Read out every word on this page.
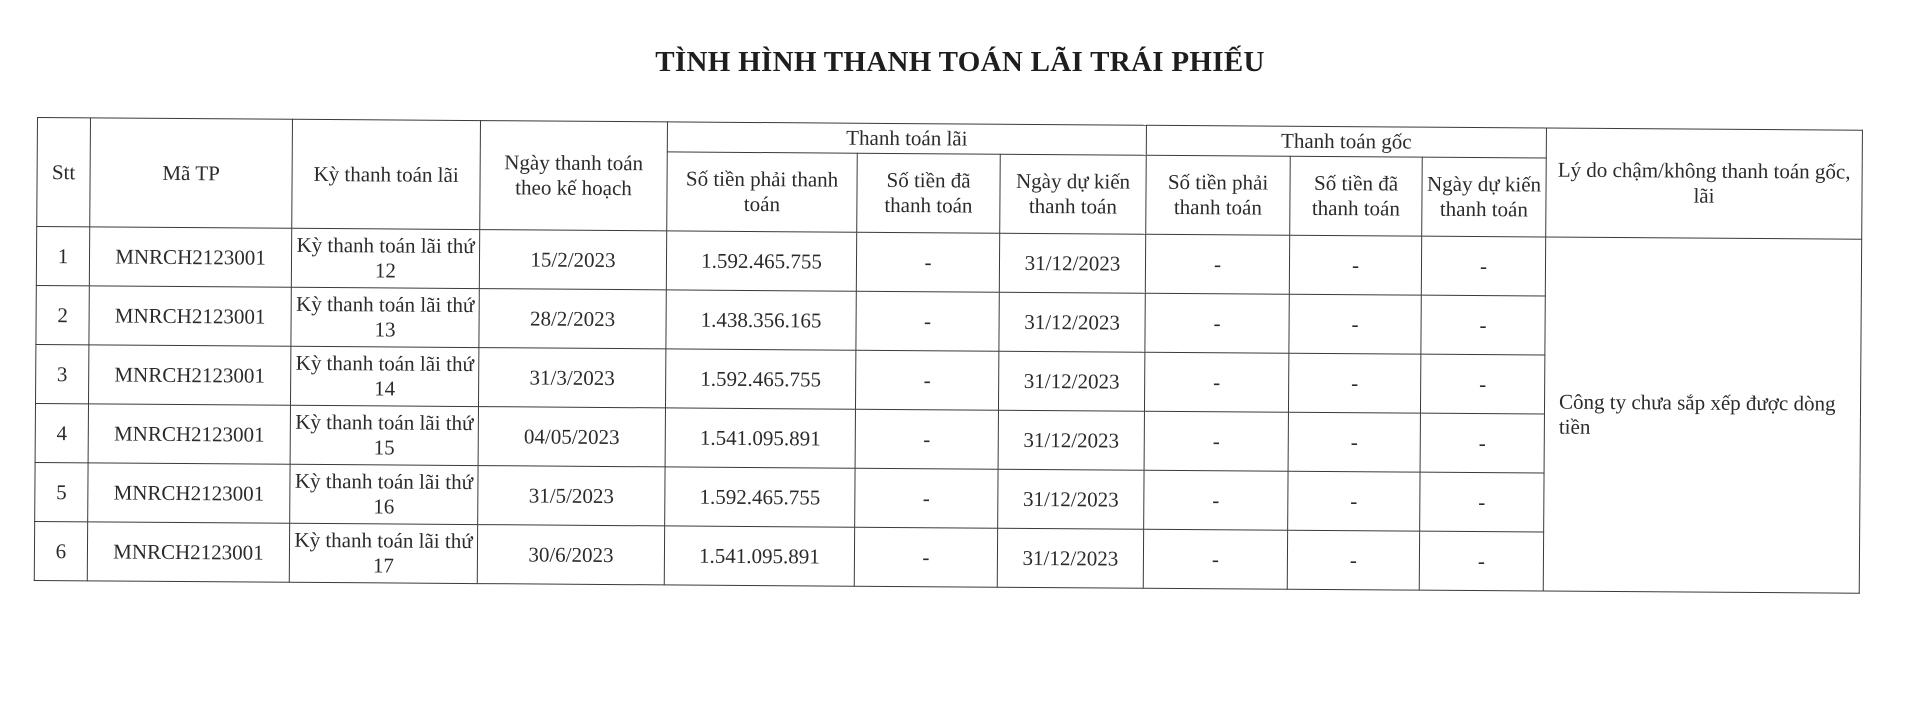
TÌNH HÌNH THANH TOÁN LÃI TRÁI PHIẾU
Stt	Mã TP	Kỳ thanh toán lãi	Ngày thanh toán theo kế hoạch	Thanh toán lãi			Thanh toán gốc			Lý do chậm/không thanh toán gốc, lãi
				Số tiền phải thanh toán	Số tiền đã thanh toán	Ngày dự kiến thanh toán	Số tiền phải thanh toán	Số tiền đã thanh toán	Ngày dự kiến thanh toán	
1	MNRCH2123001	Kỳ thanh toán lãi thứ 12	15/2/2023	1.592.465.755	-	31/12/2023	-	-	-	Công ty chưa sắp xếp được dòng tiền
2	MNRCH2123001	Kỳ thanh toán lãi thứ 13	28/2/2023	1.438.356.165	-	31/12/2023	-	-	-	
3	MNRCH2123001	Kỳ thanh toán lãi thứ 14	31/3/2023	1.592.465.755	-	31/12/2023	-	-	-	
4	MNRCH2123001	Kỳ thanh toán lãi thứ 15	04/05/2023	1.541.095.891	-	31/12/2023	-	-	-	
5	MNRCH2123001	Kỳ thanh toán lãi thứ 16	31/5/2023	1.592.465.755	-	31/12/2023	-	-	-	
6	MNRCH2123001	Kỳ thanh toán lãi thứ 17	30/6/2023	1.541.095.891	-	31/12/2023	-	-	-	
